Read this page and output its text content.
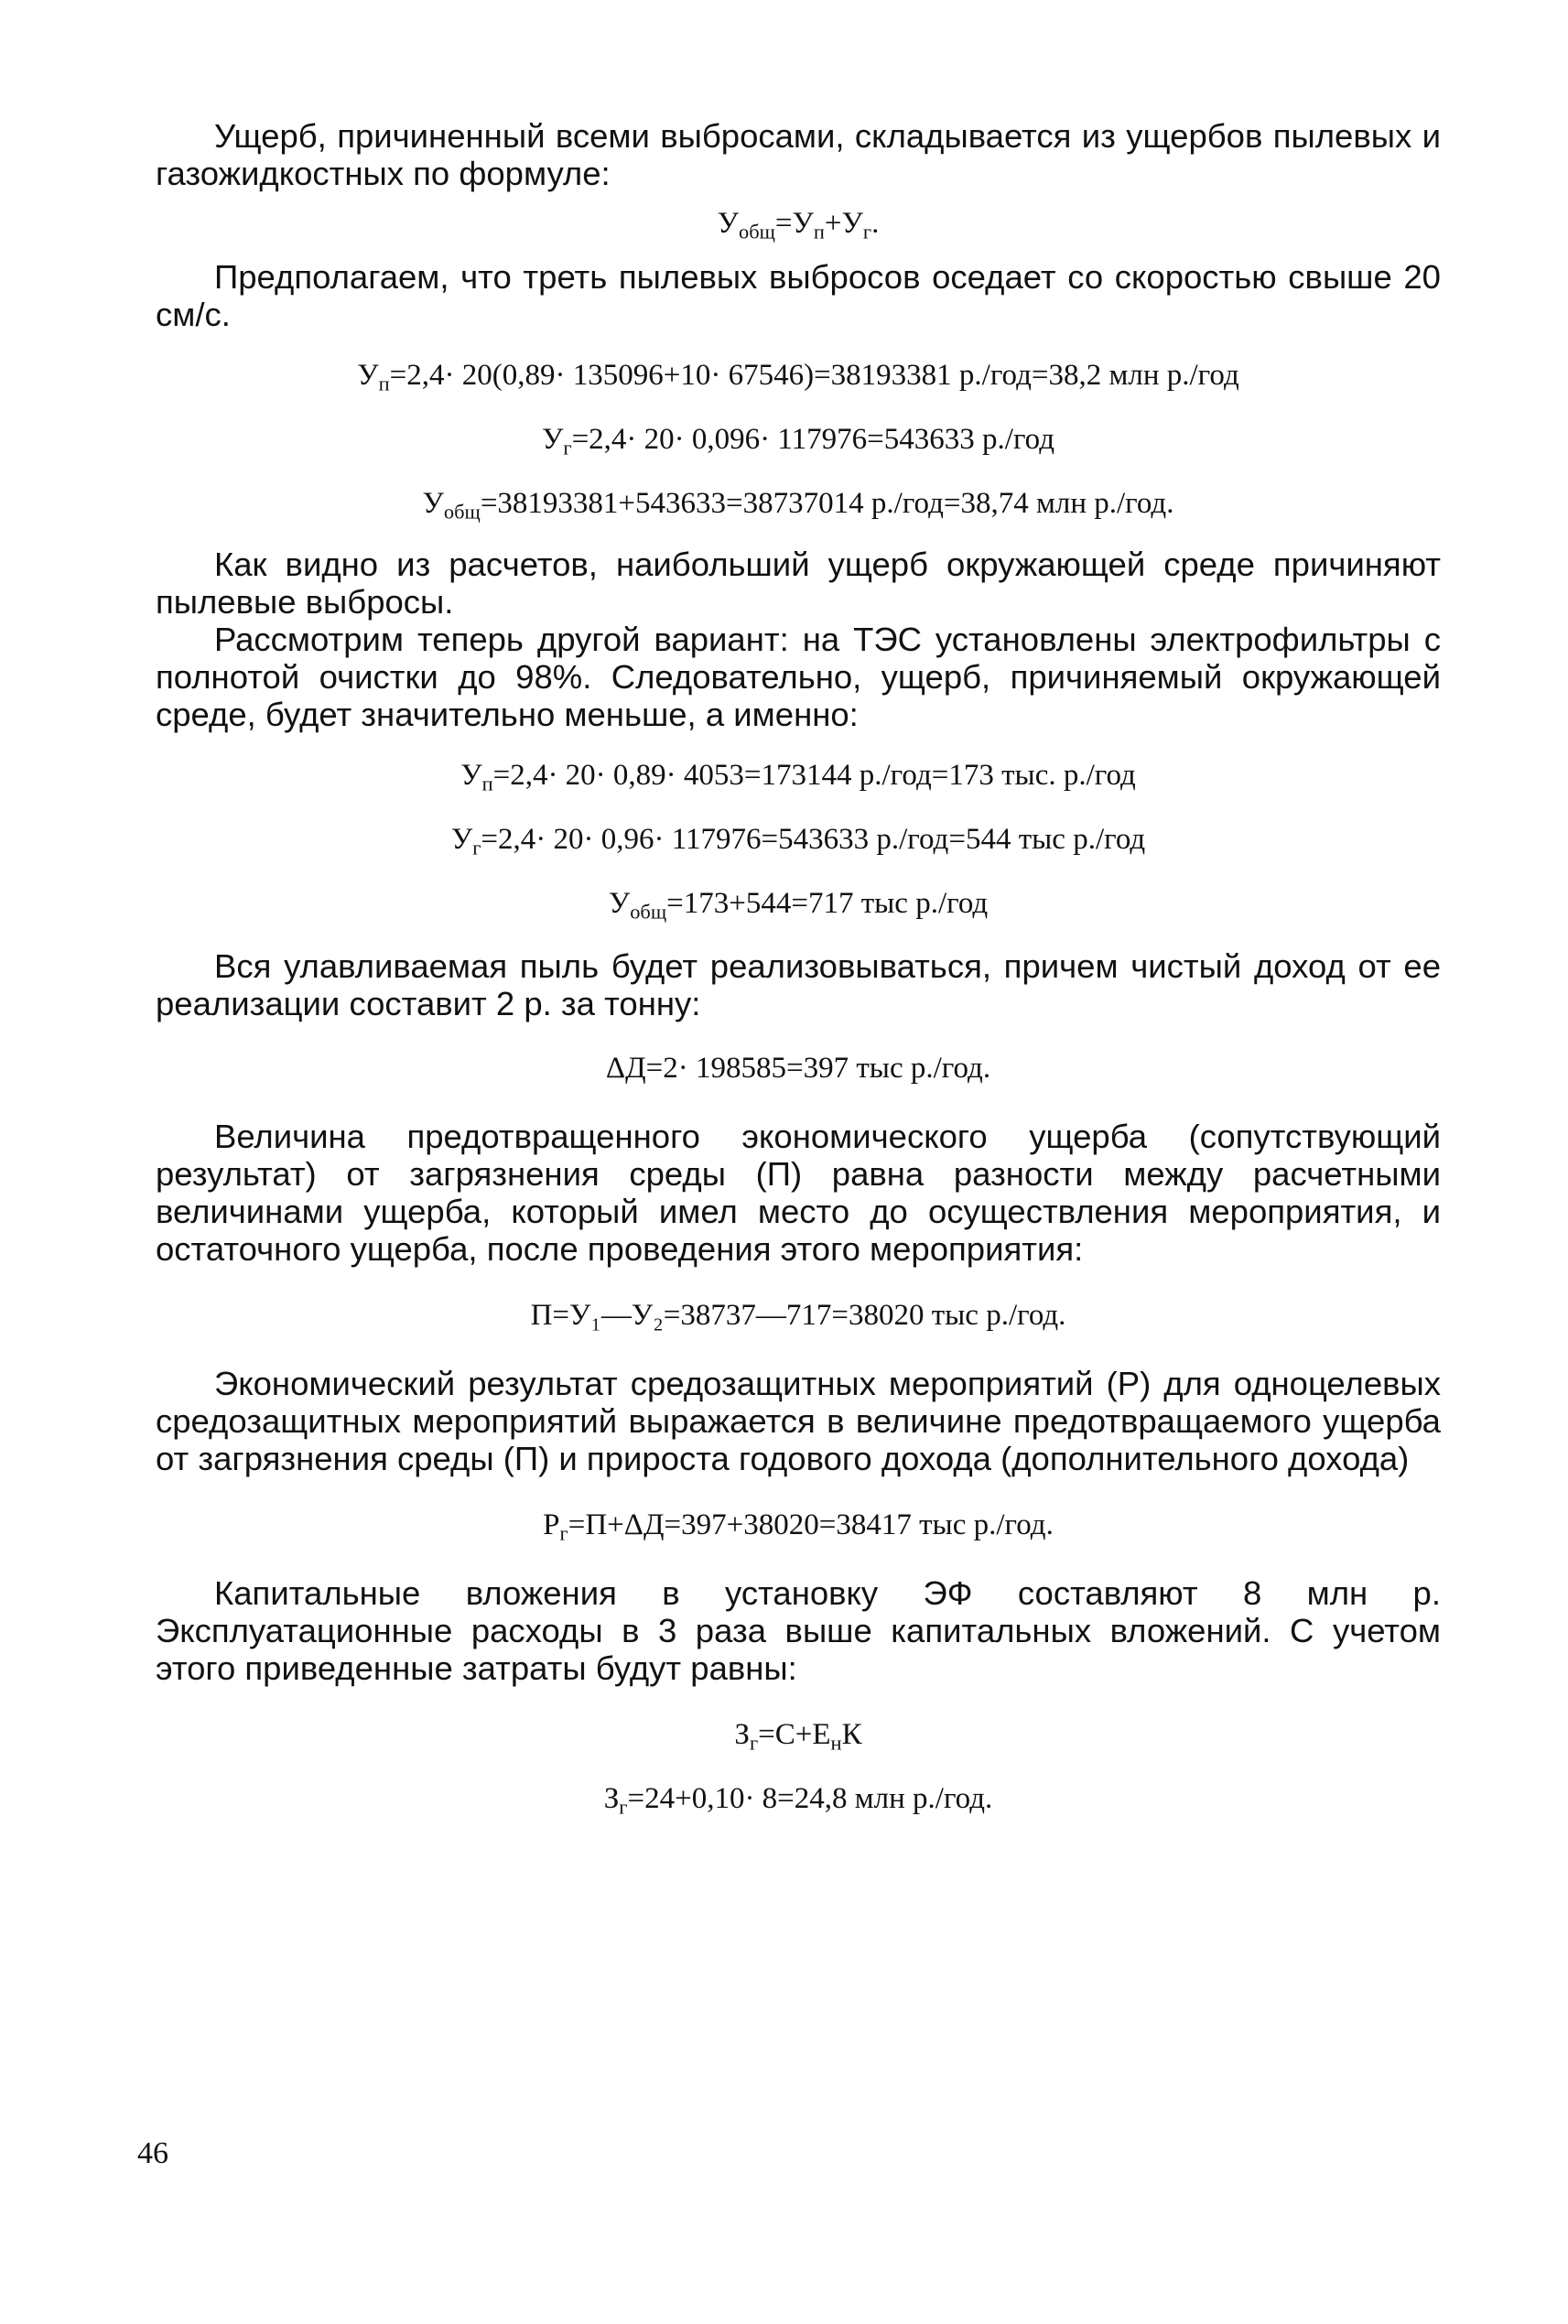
Ущерб, причиненный всеми выбросами, складывается из ущербов пылевых и газожидкостных по формуле:

$У_{общ}=У_п+У_г$.

Предполагаем, что треть пылевых выбросов оседает со скоростью свыше 20 см/с.

$У_п=2,4\cdot 20(0,89\cdot 135096+10\cdot 67546)=38193381$ р./год=38,2 млн р./год

$У_г=2,4\cdot 20\cdot 0,096\cdot 117976=543633$ р./год

$У_{общ}=38193381+543633=38737014$ р./год=38,74 млн р./год.

Как видно из расчетов, наибольший ущерб окружающей среде причиняют пылевые выбросы.

Рассмотрим теперь другой вариант: на ТЭС установлены электрофильтры с полнотой очистки до 98%. Следовательно, ущерб, причиняемый окружающей среде, будет значительно меньше, а именно:

$У_п=2,4\cdot 20\cdot 0,89\cdot 4053=173144$ р./год=173 тыс. р./год

$У_г=2,4\cdot 20\cdot 0,96\cdot 117976=543633$ р./год=544 тыс р./год

$У_{общ}=173+544=717$ тыс р./год

Вся улавливаемая пыль будет реализовываться, причем чистый доход от ее реализации составит 2 р. за тонну:

ΔД=2· 198585=397 тыс р./год.

Величина предотвращенного экономического ущерба (сопутствующий результат) от загрязнения среды (П) равна разности между расчетными величинами ущерба, который имел место до осуществления мероприятия, и остаточного ущерба, после проведения этого мероприятия:

П=У₁—У₂=38737—717=38020 тыс р./год.

Экономический результат средозащитных мероприятий (Р) для одноцелевых средозащитных мероприятий выражается в величине предотвращаемого ущерба от загрязнения среды (П) и прироста годового дохода (дополнительного дохода)

$Р_г=П+\Delta Д=397+38020=38417$ тыс р./год.

Капитальные вложения в установку ЭФ составляют 8 млн р. Эксплуатационные расходы в 3 раза выше капитальных вложений. С учетом этого приведенные затраты будут равны:

$З_г=С+Е_нК$

$З_г=24+0,10\cdot 8=24,8$ млн р./год.

46
